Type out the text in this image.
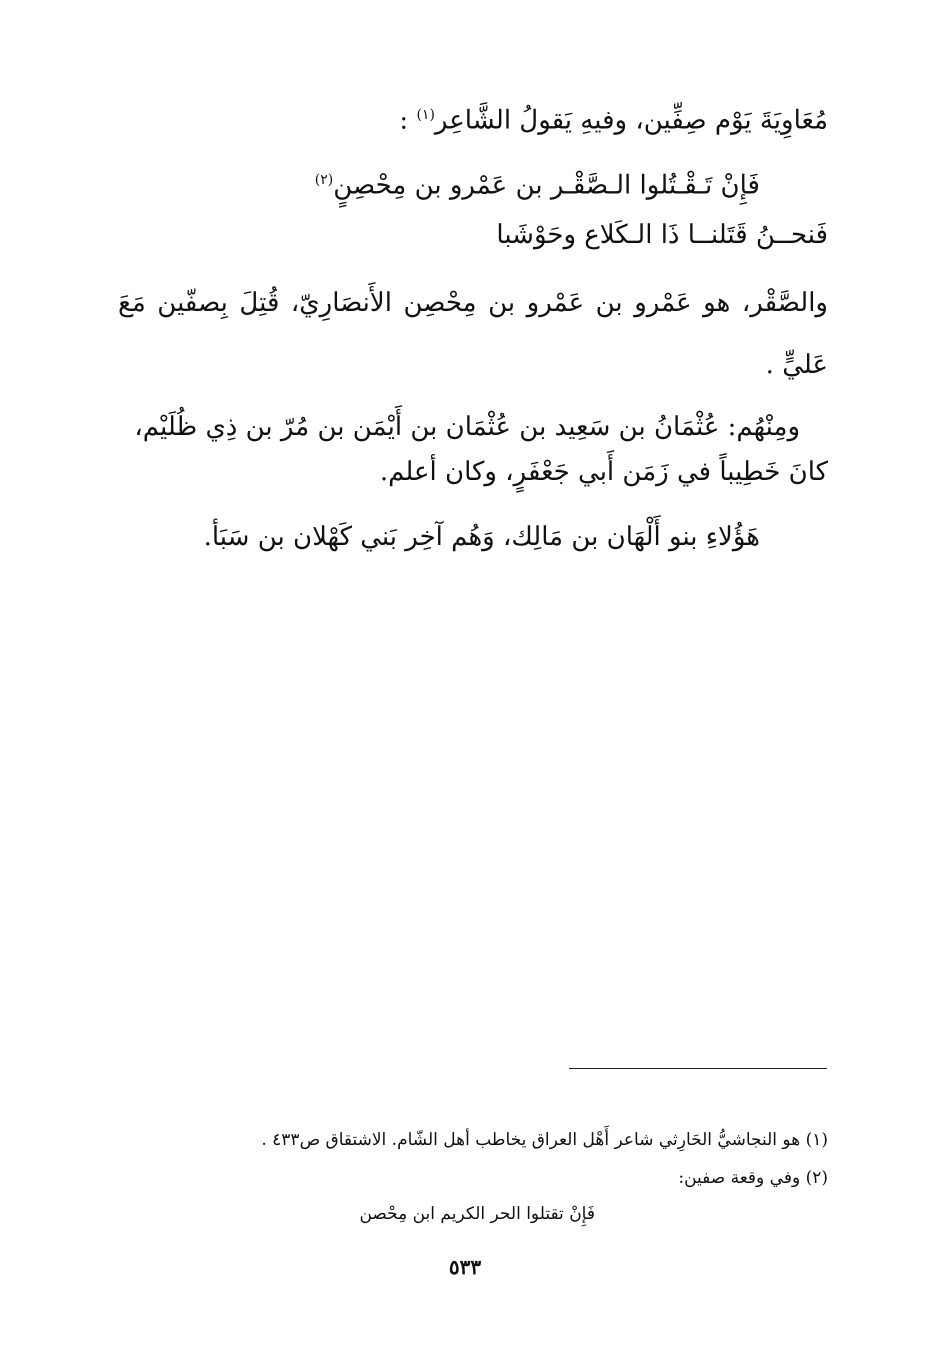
مُعَاوِيَةَ يَوْم صِفِّين، وفيهِ يَقولُ الشَّاعِر$^{(١)}$ :
فَإِنْ تَـقْـتُلوا الـصَّقْـر بن عَمْرو بن مِحْصِنٍ$^{(٢)}$
فَنحــنُ قَتَلنــا ذَا الـكَلاع وحَوْشَبا
والصَّقْر، هو عَمْرو بن عَمْرو بن مِحْصِن الأَنصَارِيّ، قُتِلَ بِصفّين مَعَ
عَليٍّ .
ومِنْهُم: عُثْمَانُ بن سَعِيد بن عُثْمَان بن أَيْمَن بن مُرّ بن ذِي ظُلَيْم،
كانَ خَطِيباً في زَمَن أَبي جَعْفَرٍ، وكان أعلم.
هَؤُلاءِ بنو أَلْهَان بن مَالِك، وَهُم آخِر بَني كَهْلان بن سَبَأ.
(١) هو النجاشيُّ الحَارِثي شاعر أَهْل العراق يخاطب أهل الشّام. الاشتقاق ص٤٣٣ .
(٢) وفي وقعة صفين:
فَإِنْ تقتلوا الحر الكريم ابن مِحْصن
٥٣٣
